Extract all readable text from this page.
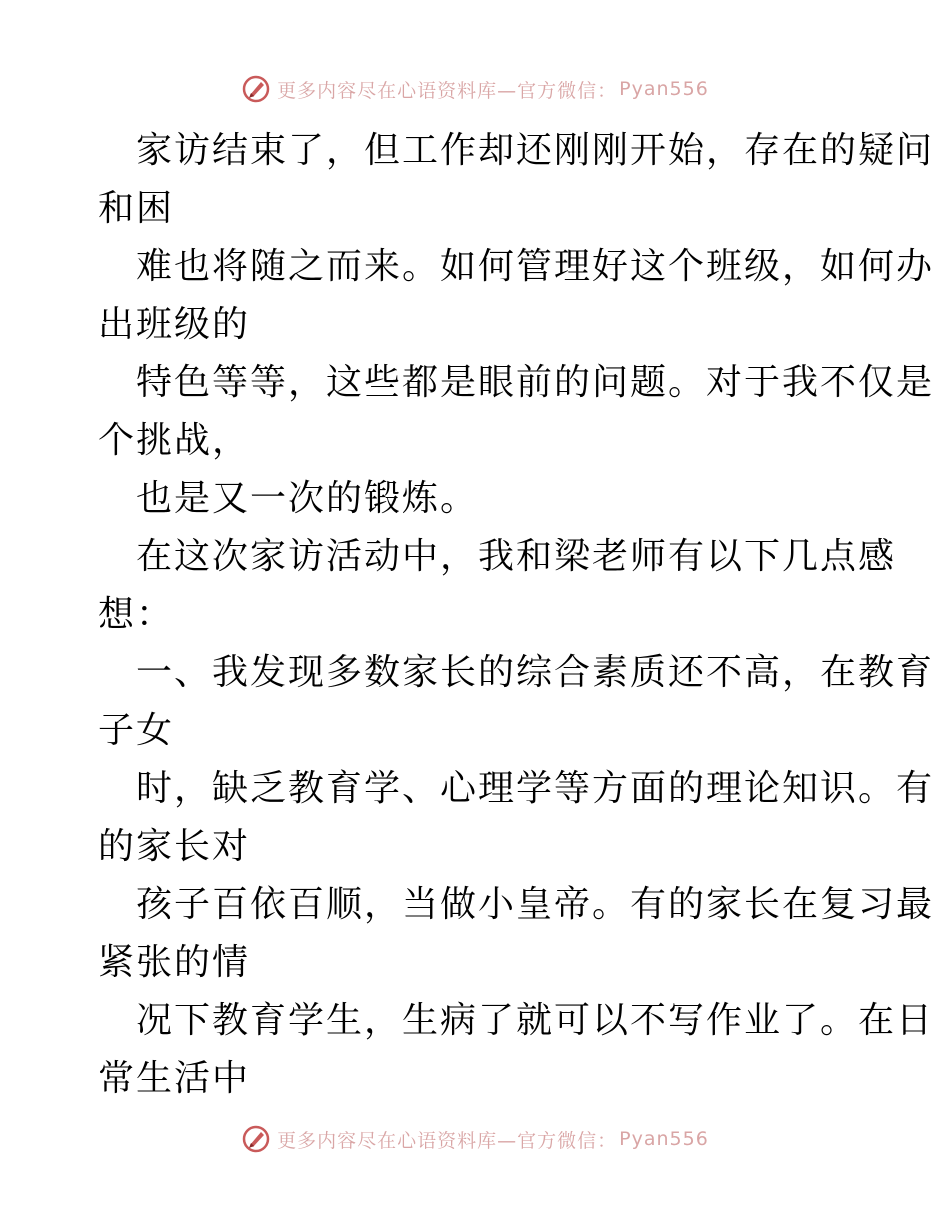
更多内容尽在心语资料库—官方微信： Pyan556
家访结束了，但工作却还刚刚开始，存在的疑问
和困
难也将随之而来。如何管理好这个班级，如何办
出班级的
特色等等，这些都是眼前的问题。对于我不仅是
个挑战，
也是又一次的锻炼。
在这次家访活动中，我和梁老师有以下几点感
想：
一、我发现多数家长的综合素质还不高，在教育
子女
时，缺乏教育学、心理学等方面的理论知识。有
的家长对
孩子百依百顺，当做小皇帝。有的家长在复习最
紧张的情
况下教育学生，生病了就可以不写作业了。在日
常生活中
更多内容尽在心语资料库—官方微信： Pyan556
